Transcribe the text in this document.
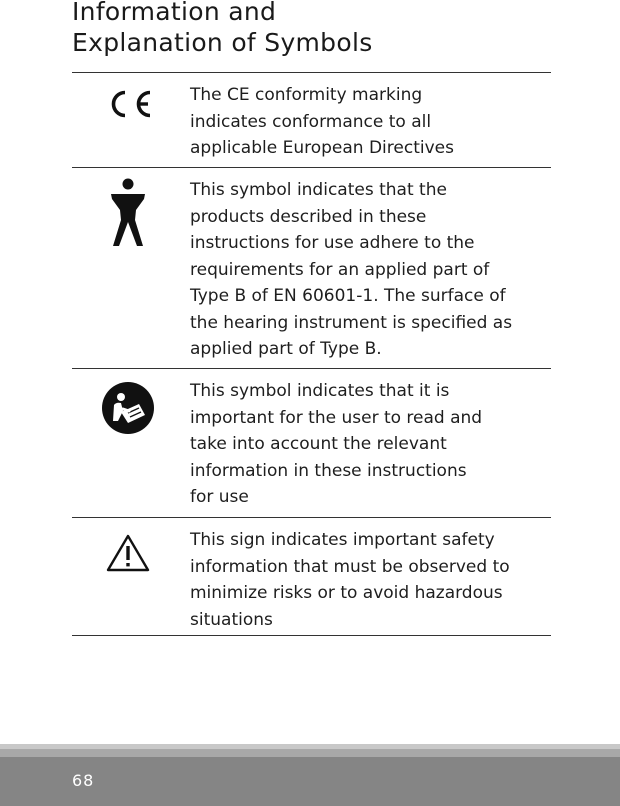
Information and
Explanation of Symbols
The CE conformity marking
indicates conformance to all
applicable European Directives
This symbol indicates that the
products described in these
instructions for use adhere to the
requirements for an applied part of
Type B of EN 60601-1. The surface of
the hearing instrument is specified as
applied part of Type B.
This symbol indicates that it is
important for the user to read and
take into account the relevant
information in these instructions
for use
This sign indicates important safety
information that must be observed to
minimize risks or to avoid hazardous
situations
68
